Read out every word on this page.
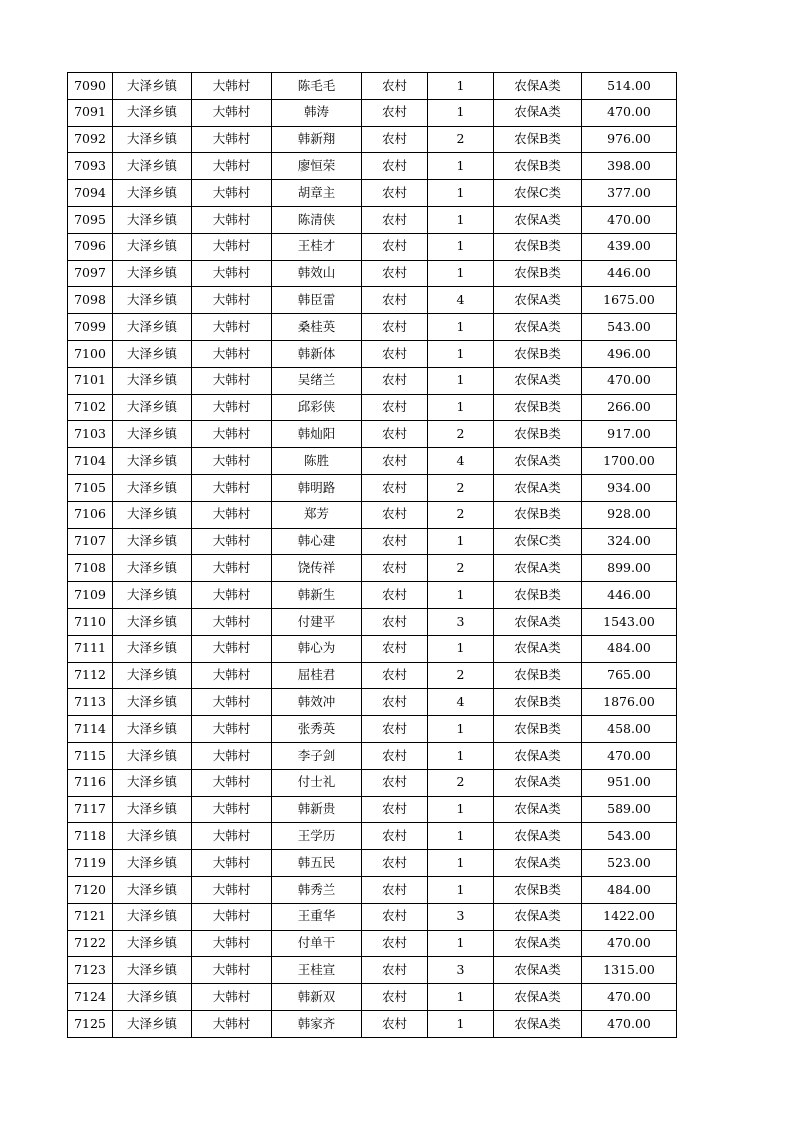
7090	大泽乡镇	大韩村	陈毛毛	农村	1	农保A类	514.00
7091	大泽乡镇	大韩村	韩涛	农村	1	农保A类	470.00
7092	大泽乡镇	大韩村	韩新翔	农村	2	农保B类	976.00
7093	大泽乡镇	大韩村	廖恒荣	农村	1	农保B类	398.00
7094	大泽乡镇	大韩村	胡章主	农村	1	农保C类	377.00
7095	大泽乡镇	大韩村	陈清侠	农村	1	农保A类	470.00
7096	大泽乡镇	大韩村	王桂才	农村	1	农保B类	439.00
7097	大泽乡镇	大韩村	韩效山	农村	1	农保B类	446.00
7098	大泽乡镇	大韩村	韩臣雷	农村	4	农保A类	1675.00
7099	大泽乡镇	大韩村	桑桂英	农村	1	农保A类	543.00
7100	大泽乡镇	大韩村	韩新体	农村	1	农保B类	496.00
7101	大泽乡镇	大韩村	吴绪兰	农村	1	农保A类	470.00
7102	大泽乡镇	大韩村	邱彩侠	农村	1	农保B类	266.00
7103	大泽乡镇	大韩村	韩灿阳	农村	2	农保B类	917.00
7104	大泽乡镇	大韩村	陈胜	农村	4	农保A类	1700.00
7105	大泽乡镇	大韩村	韩明路	农村	2	农保A类	934.00
7106	大泽乡镇	大韩村	郑芳	农村	2	农保B类	928.00
7107	大泽乡镇	大韩村	韩心建	农村	1	农保C类	324.00
7108	大泽乡镇	大韩村	饶传祥	农村	2	农保A类	899.00
7109	大泽乡镇	大韩村	韩新生	农村	1	农保B类	446.00
7110	大泽乡镇	大韩村	付建平	农村	3	农保A类	1543.00
7111	大泽乡镇	大韩村	韩心为	农村	1	农保A类	484.00
7112	大泽乡镇	大韩村	屈桂君	农村	2	农保B类	765.00
7113	大泽乡镇	大韩村	韩效冲	农村	4	农保B类	1876.00
7114	大泽乡镇	大韩村	张秀英	农村	1	农保B类	458.00
7115	大泽乡镇	大韩村	李子剑	农村	1	农保A类	470.00
7116	大泽乡镇	大韩村	付士礼	农村	2	农保A类	951.00
7117	大泽乡镇	大韩村	韩新贵	农村	1	农保A类	589.00
7118	大泽乡镇	大韩村	王学历	农村	1	农保A类	543.00
7119	大泽乡镇	大韩村	韩五民	农村	1	农保A类	523.00
7120	大泽乡镇	大韩村	韩秀兰	农村	1	农保B类	484.00
7121	大泽乡镇	大韩村	王重华	农村	3	农保A类	1422.00
7122	大泽乡镇	大韩村	付单干	农村	1	农保A类	470.00
7123	大泽乡镇	大韩村	王桂宣	农村	3	农保A类	1315.00
7124	大泽乡镇	大韩村	韩新双	农村	1	农保A类	470.00
7125	大泽乡镇	大韩村	韩家齐	农村	1	农保A类	470.00
